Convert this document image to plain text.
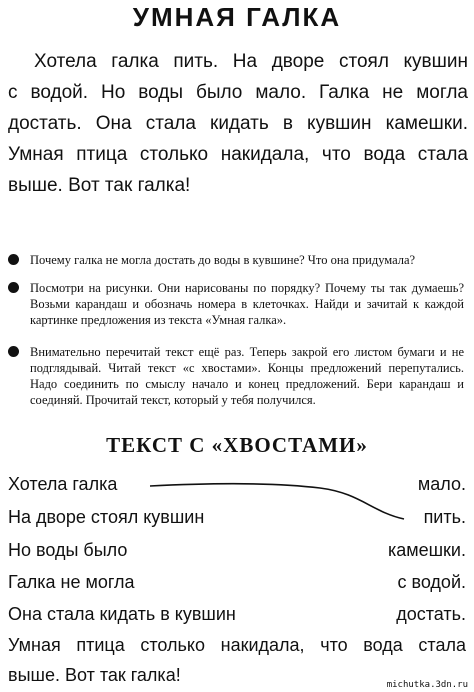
УМНАЯ ГАЛКА
Хотела галка пить. На дворе стоял кувшин
с водой. Но воды было мало. Галка не могла
достать. Она стала кидать в кувшин камешки.
Умная птица столько накидала, что вода стала
выше. Вот так галка!
Почему галка не могла достать до воды в кувшине? Что она придумала?
Посмотри на рисунки. Они нарисованы по порядку? Почему ты так думаешь? Возьми карандаш и обозначь номера в клеточках. Найди и зачитай к каждой картинке предложения из текста «Умная галка».
Внимательно перечитай текст ещё раз. Теперь закрой его листом бумаги и не подглядывай. Читай текст «с хвостами». Концы предложений перепутались. Надо соединить по смыслу начало и конец предложений. Бери карандаш и соединяй. Прочитай текст, который у тебя получился.
ТЕКСТ С «ХВОСТАМИ»
Хотела галка	мало.
На дворе стоял кувшин	пить.
Но воды было	камешки.
Галка не могла	с водой.
Она стала кидать в кувшин	достать.
Умная птица столько накидала, что вода стала
выше. Вот так галка!	michutka.3dn.ru
